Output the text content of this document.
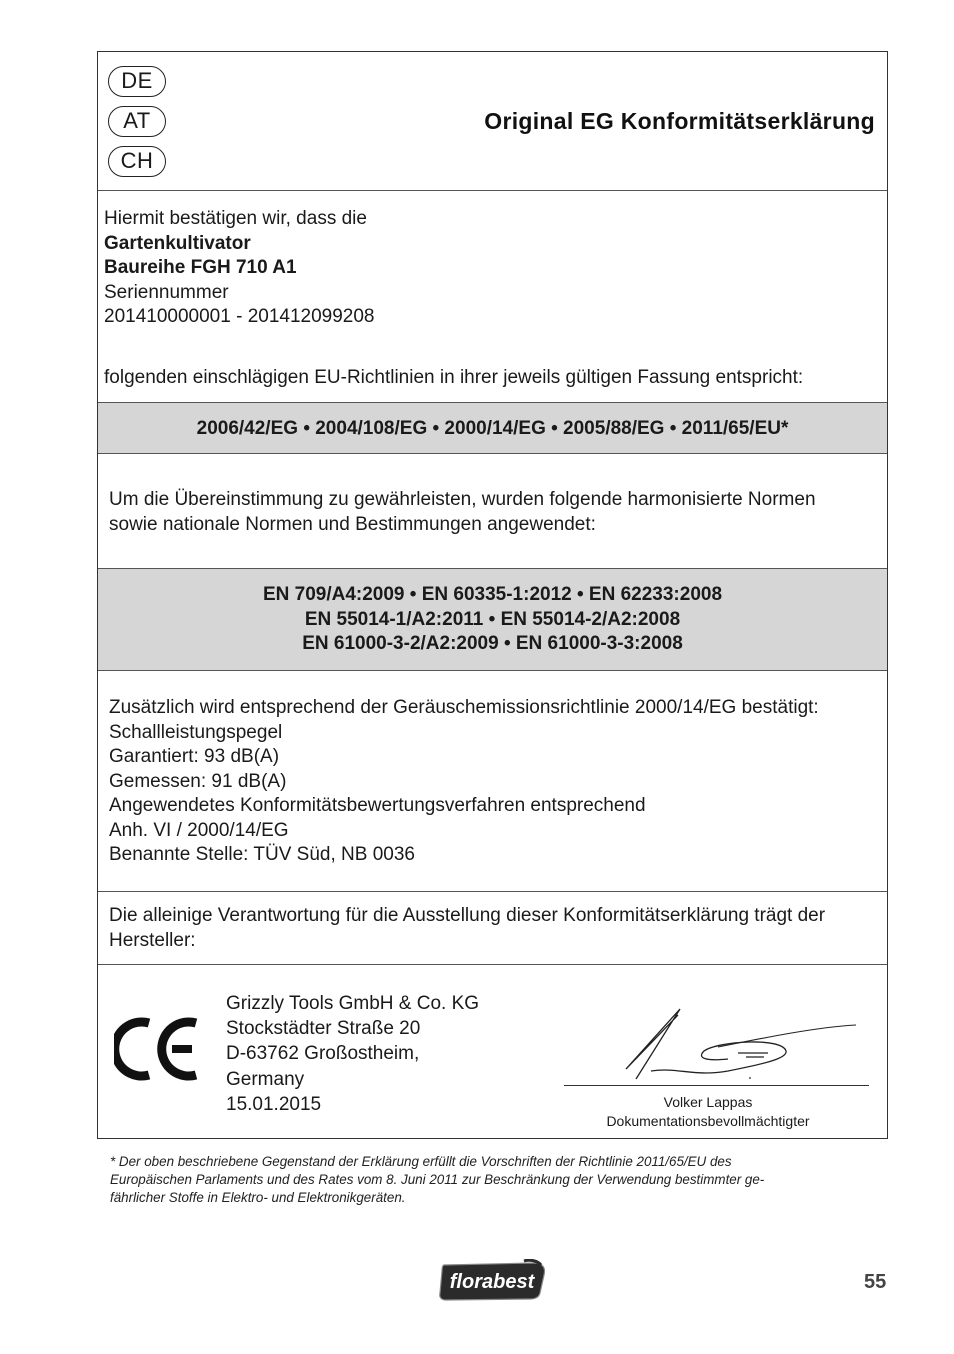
DE
AT
CH
Original EG Konformitätserklärung
Hiermit bestätigen wir, dass die
Gartenkultivator
Baureihe FGH 710 A1
Seriennummer
201410000001 - 201412099208
folgenden einschlägigen EU-Richtlinien in ihrer jeweils gültigen Fassung entspricht:
2006/42/EG • 2004/108/EG • 2000/14/EG • 2005/88/EG • 2011/65/EU*
Um die Übereinstimmung zu gewährleisten, wurden folgende harmonisierte Normen
sowie nationale Normen und Bestimmungen angewendet:
EN 709/A4:2009 • EN 60335-1:2012 • EN 62233:2008
EN 55014-1/A2:2011 • EN 55014-2/A2:2008
EN 61000-3-2/A2:2009 • EN 61000-3-3:2008
Zusätzlich wird entsprechend der Geräuschemissionsrichtlinie 2000/14/EG bestätigt:
Schallleistungspegel
Garantiert: 93 dB(A)
Gemessen: 91 dB(A)
Angewendetes Konformitätsbewertungsverfahren entsprechend
Anh. VI / 2000/14/EG
Benannte Stelle: TÜV Süd, NB 0036
Die alleinige Verantwortung für die Ausstellung dieser Konformitätserklärung trägt der
Hersteller:
Grizzly Tools GmbH & Co. KG
Stockstädter Straße 20
D-63762 Großostheim,
Germany
15.01.2015	Volker Lappas
Dokumentationsbevollmächtigter
* Der oben beschriebene Gegenstand der Erklärung erfüllt die Vorschriften der Richtlinie 2011/65/EU des
Europäischen Parlaments und des Rates vom 8. Juni 2011 zur Beschränkung der Verwendung bestimmter ge-
fährlicher Stoffe in Elektro- und Elektronikgeräten.
florabest	55
